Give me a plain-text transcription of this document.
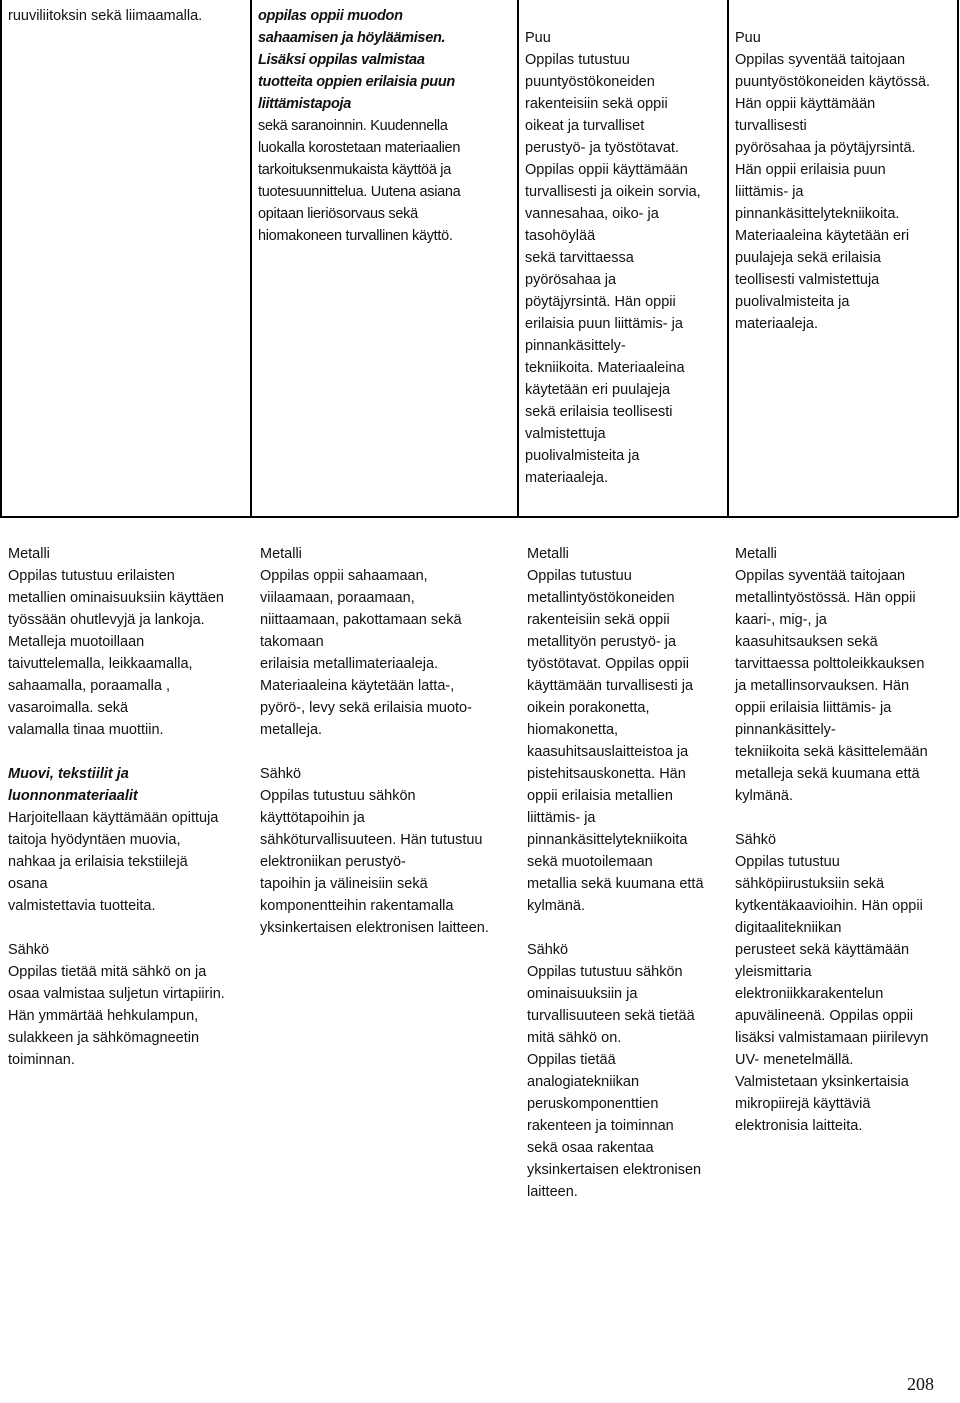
ruuviliitoksin sekä liimaamalla.	oppilas oppii muodon
sahaamisen ja höyläämisen.
Lisäksi oppilas valmistaa
tuotteita oppien erilaisia puun
liittämistapoja

sekä saranoinnin. Kuudennella
luokalla korostetaan materiaalien
tarkoituksenmukaista käyttöä ja
tuotesuunnittelua. Uutena asiana
opitaan lieriösorvaus sekä
hiomakoneen turvallinen käyttö.

Puu

Oppilas tutustuu
puuntyöstökoneiden
rakenteisiin sekä oppii
oikeat ja turvalliset
perustyö- ja työstötavat.
Oppilas oppii käyttämään
turvallisesti ja oikein sorvia,
vannesahaa, oiko- ja
tasohöylää
sekä tarvittaessa
pyörösahaa ja
pöytäjyrsintä. Hän oppii
erilaisia puun liittämis- ja
pinnankäsittely-
tekniikoita. Materiaaleina
käytetään eri puulajeja
sekä erilaisia teollisesti
valmistettuja
puolivalmisteita ja
materiaaleja.

Puu

Oppilas syventää taitojaan
puuntyöstökoneiden käytössä.
Hän oppii käyttämään
turvallisesti
pyörösahaa ja pöytäjyrsintä.
Hän oppii erilaisia puun
liittämis- ja
pinnankäsittelytekniikoita.
Materiaaleina käytetään eri
puulajeja sekä erilaisia
teollisesti valmistettuja
puolivalmisteita ja
materiaaleja.

Metalli

Oppilas tutustuu erilaisten
metallien ominaisuuksiin käyttäen
työssään ohutlevyjä ja lankoja.
Metalleja muotoillaan
taivuttelemalla, leikkaamalla,
sahaamalla, poraamalla ,
vasaroimalla. sekä
valamalla tinaa muottiin.

Muovi, tekstiilit ja
luonnonmateriaalit

Harjoitellaan käyttämään opittuja
taitoja hyödyntäen muovia,
nahkaa ja erilaisia tekstiilejä
osana
valmistettavia tuotteita.

Sähkö

Oppilas tietää mitä sähkö on ja
osaa valmistaa suljetun virtapiirin.
Hän ymmärtää hehkulampun,
sulakkeen ja sähkömagneetin
toiminnan.

Metalli

Oppilas oppii sahaamaan,
viilaamaan, poraamaan,
niittaamaan, pakottamaan sekä
takomaan
erilaisia metallimateriaaleja.
Materiaaleina käytetään latta-,
pyörö-, levy sekä erilaisia muoto-
metalleja.

Sähkö

Oppilas tutustuu sähkön
käyttötapoihin ja
sähköturvallisuuteen. Hän tutustuu
elektroniikan perustyö-
tapoihin ja välineisiin sekä
komponentteihin rakentamalla
yksinkertaisen elektronisen laitteen.

Metalli

Oppilas tutustuu
metallintyöstökoneiden
rakenteisiin sekä oppii
metallityön perustyö- ja
työstötavat. Oppilas oppii
käyttämään turvallisesti ja
oikein porakonetta,
hiomakonetta,
kaasuhitsauslaitteistoa ja
pistehitsauskonetta. Hän
oppii erilaisia metallien
liittämis- ja
pinnankäsittelytekniikoita
sekä muotoilemaan
metallia sekä kuumana että
kylmänä.

Sähkö

Oppilas tutustuu sähkön
ominaisuuksiin ja
turvallisuuteen sekä tietää
mitä sähkö on.
Oppilas tietää
analogiatekniikan
peruskomponenttien
rakenteen ja toiminnan
sekä osaa rakentaa
yksinkertaisen elektronisen
laitteen.

Metalli

Oppilas syventää taitojaan
metallintyöstössä. Hän oppii
kaari-, mig-, ja
kaasuhitsauksen sekä
tarvittaessa polttoleikkauksen
ja metallinsorvauksen. Hän
oppii erilaisia liittämis- ja
pinnankäsittely-
tekniikoita sekä käsittelemään
metalleja sekä kuumana että
kylmänä.

Sähkö

Oppilas tutustuu
sähköpiirustuksiin sekä
kytkentäkaavioihin. Hän oppii
digitaalitekniikan
perusteet sekä käyttämään
yleismittaria
elektroniikkarakentelun
apuvälineenä. Oppilas oppii
lisäksi valmistamaan piirilevyn
UV- menetelmällä.
Valmistetaan yksinkertaisia
mikropiirejä käyttäviä
elektronisia laitteita.

208
